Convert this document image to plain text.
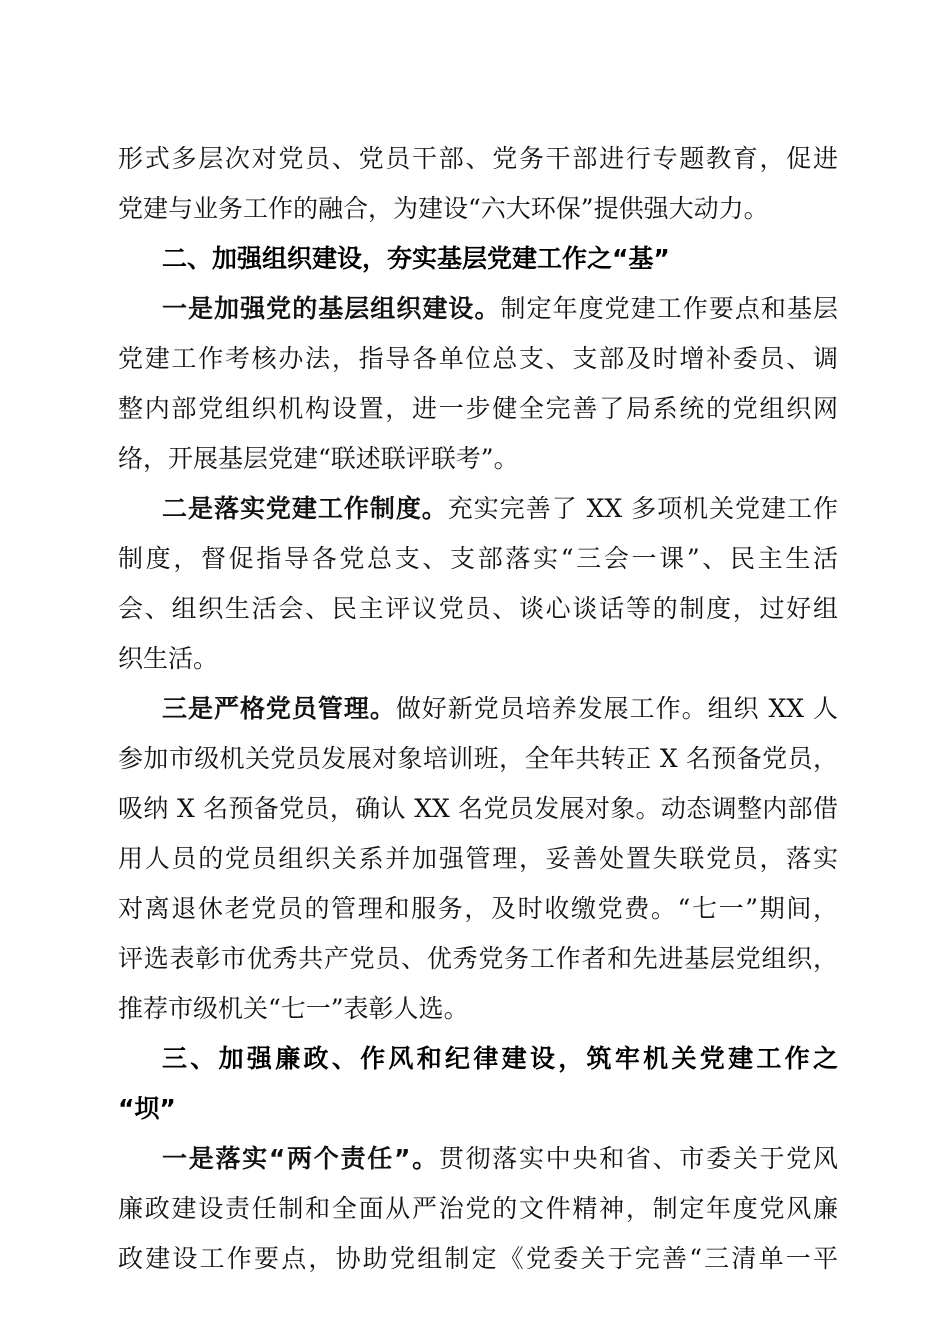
形式多层次对党员、党员干部、党务干部进行专题教育，促进

党建与业务工作的融合，为建设“六大环保”提供强大动力。

二、加强组织建设，夯实基层党建工作之“基”

一是加强党的基层组织建设。制定年度党建工作要点和基层

党建工作考核办法，指导各单位总支、支部及时增补委员、调

整内部党组织机构设置，进一步健全完善了局系统的党组织网

络，开展基层党建“联述联评联考”。

二是落实党建工作制度。充实完善了 XX 多项机关党建工作

制度，督促指导各党总支、支部落实“三会一课”、民主生活

会、组织生活会、民主评议党员、谈心谈话等的制度，过好组

织生活。

三是严格党员管理。做好新党员培养发展工作。组织 XX 人

参加市级机关党员发展对象培训班，全年共转正 X 名预备党员，

吸纳 X 名预备党员，确认 XX 名党员发展对象。动态调整内部借

用人员的党员组织关系并加强管理，妥善处置失联党员，落实

对离退休老党员的管理和服务，及时收缴党费。“七一”期间，

评选表彰市优秀共产党员、优秀党务工作者和先进基层党组织，

推荐市级机关“七一”表彰人选。

三、加强廉政、作风和纪律建设，筑牢机关党建工作之

“坝”

一是落实“两个责任”。贯彻落实中央和省、市委关于党风

廉政建设责任制和全面从严治党的文件精神，制定年度党风廉

政建设工作要点，协助党组制定《党委关于完善“三清单一平
